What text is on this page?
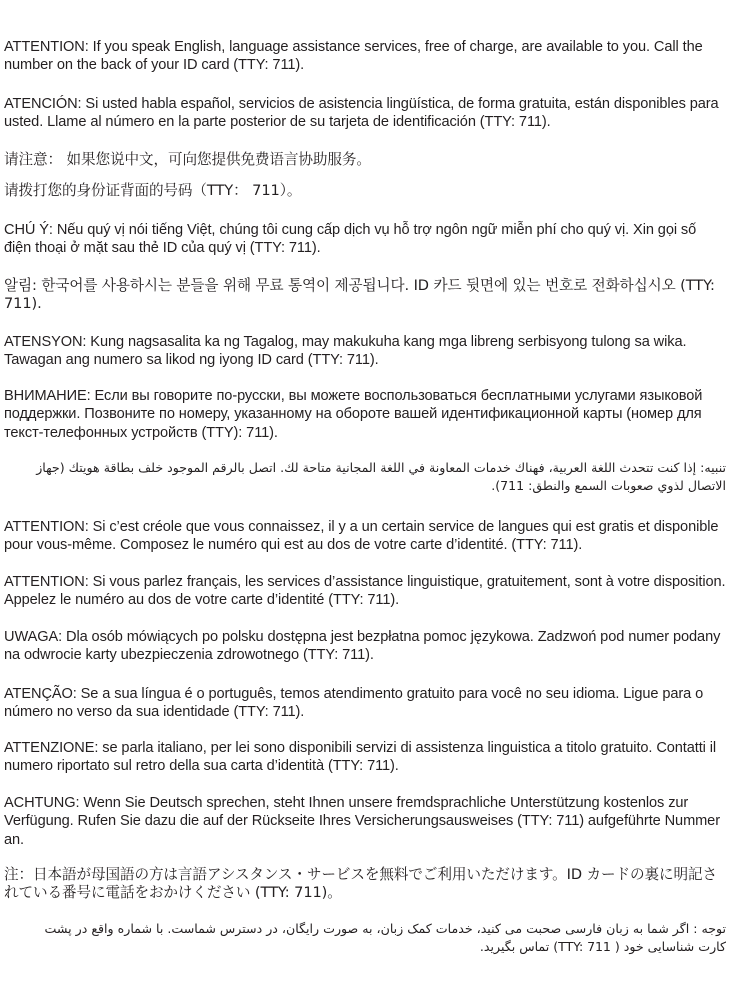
ATTENTION: If you speak English, language assistance services, free of charge, are available to you. Call the number on the back of your ID card (TTY: 711).

ATENCIÓN: Si usted habla español, servicios de asistencia lingüística, de forma gratuita, están disponibles para usted. Llame al número en la parte posterior de su tarjeta de identificación (TTY: 711).

请注意： 如果您说中文，可向您提供免费语言协助服务。

请拨打您的身份证背面的号码（TTY： 711）。

CHÚ Ý: Nếu quý vị nói tiếng Việt, chúng tôi cung cấp dịch vụ hỗ trợ ngôn ngữ miễn phí cho quý vị. Xin gọi số điện thoại ở mặt sau thẻ ID của quý vị (TTY: 711).

알림: 한국어를 사용하시는 분들을 위해 무료 통역이 제공됩니다. ID 카드 뒷면에 있는 번호로 전화하십시오 (TTY: 711).

ATENSYON: Kung nagsasalita ka ng Tagalog, may makukuha kang mga libreng serbisyong tulong sa wika. Tawagan ang numero sa likod ng iyong ID card (TTY: 711).

ВНИМАНИЕ: Если вы говорите по-русски, вы можете воспользоваться бесплатными услугами языковой поддержки. Позвоните по номеру, указанному на обороте вашей идентификационной карты (номер для текст-телефонных устройств (TTY): 711).

تنبيه: إذا كنت تتحدث اللغة العربية، فهناك خدمات المعاونة في اللغة المجانية متاحة لك. اتصل بالرقم الموجود خلف بطاقة هويتك (جهاز الاتصال لذوي صعوبات السمع والنطق: 711).

ATTENTION: Si c’est créole que vous connaissez, il y a un certain service de langues qui est gratis et disponible pour vous-même. Composez le numéro qui est au dos de votre carte d’identité. (TTY: 711).

ATTENTION: Si vous parlez français, les services d’assistance linguistique, gratuitement, sont à votre disposition. Appelez le numéro au dos de votre carte d’identité (TTY: 711).

UWAGA: Dla osób mówiących po polsku dostępna jest bezpłatna pomoc językowa. Zadzwoń pod numer podany na odwrocie karty ubezpieczenia zdrowotnego (TTY: 711).

ATENÇÃO: Se a sua língua é o português, temos atendimento gratuito para você no seu idioma. Ligue para o número no verso da sua identidade (TTY: 711).

ATTENZIONE: se parla italiano, per lei sono disponibili servizi di assistenza linguistica a titolo gratuito. Contatti il numero riportato sul retro della sua carta d’identità (TTY: 711).

ACHTUNG: Wenn Sie Deutsch sprechen, steht Ihnen unsere fremdsprachliche Unterstützung kostenlos zur Verfügung. Rufen Sie dazu die auf der Rückseite Ihres Versicherungsausweises (TTY: 711) aufgeführte Nummer an.

注：日本語が母国語の方は言語アシスタンス・サービスを無料でご利用いただけます。ID カードの裏に明記されている番号に電話をおかけください (TTY: 711)。

توجه : اگر شما به زبان فارسی صحبت می کنید، خدمات کمک زبان، به صورت رایگان، در دسترس شماست. با شماره واقع در پشت کارت شناسایی خود ( TTY: 711) تماس بگیرید.
